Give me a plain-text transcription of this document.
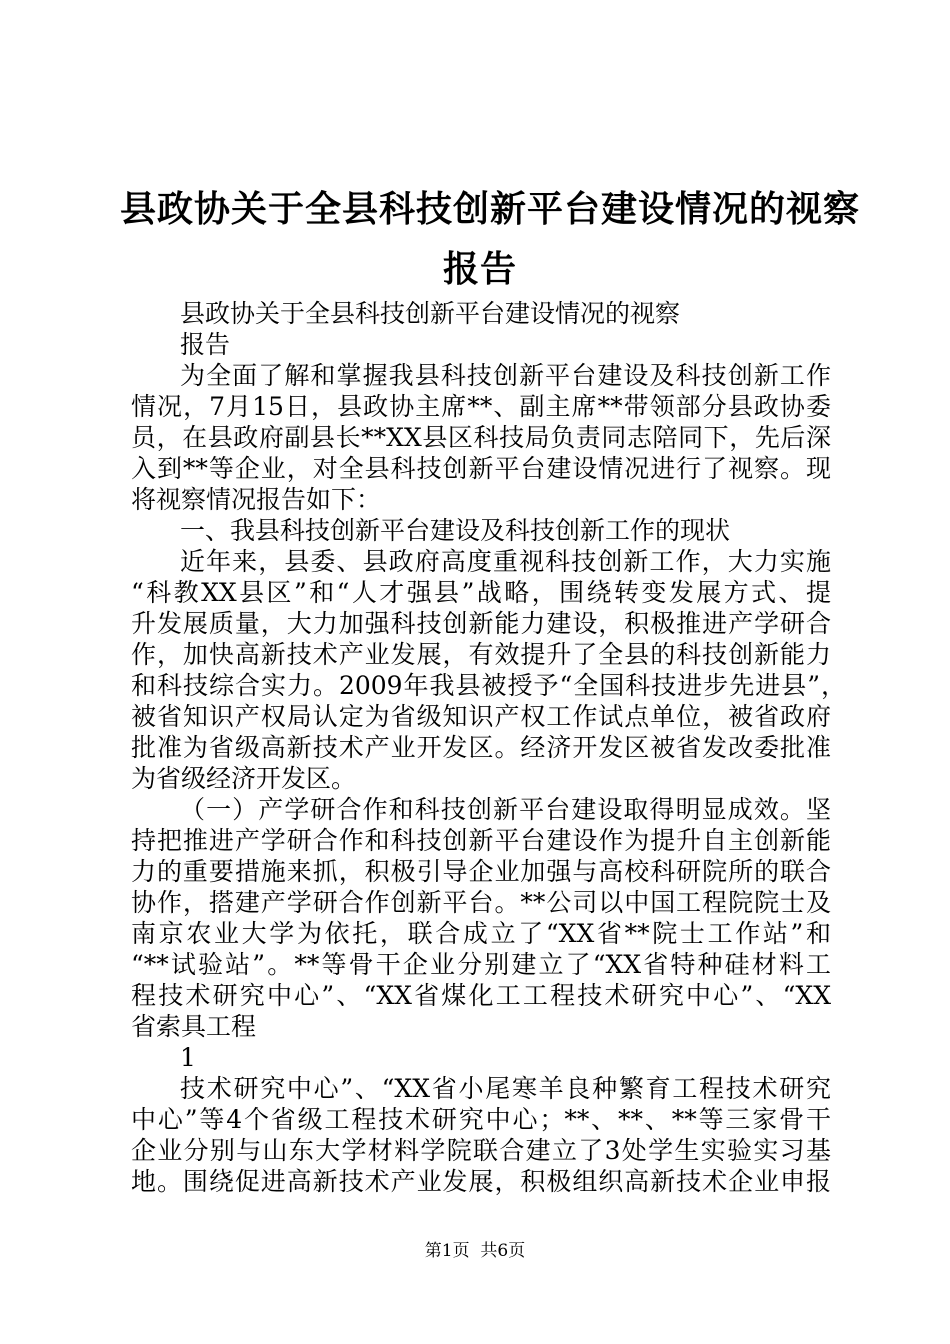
县政协关于全县科技创新平台建设情况的视察
报告
县政协关于全县科技创新平台建设情况的视察
报告
为全面了解和掌握我县科技创新平台建设及科技创新工作
情况，7月15日，县政协主席**、副主席**带领部分县政协委
员，在县政府副县长**XX县区科技局负责同志陪同下，先后深
入到**等企业，对全县科技创新平台建设情况进行了视察。现
将视察情况报告如下：
一、我县科技创新平台建设及科技创新工作的现状
近年来，县委、县政府高度重视科技创新工作，大力实施
“科教XX县区”和“人才强县”战略，围绕转变发展方式、提
升发展质量，大力加强科技创新能力建设，积极推进产学研合
作，加快高新技术产业发展，有效提升了全县的科技创新能力
和科技综合实力。2009年我县被授予“全国科技进步先进县”，
被省知识产权局认定为省级知识产权工作试点单位，被省政府
批准为省级高新技术产业开发区。经济开发区被省发改委批准
为省级经济开发区。
（一）产学研合作和科技创新平台建设取得明显成效。坚
持把推进产学研合作和科技创新平台建设作为提升自主创新能
力的重要措施来抓，积极引导企业加强与高校科研院所的联合
协作，搭建产学研合作创新平台。**公司以中国工程院院士及
南京农业大学为依托，联合成立了“XX省**院士工作站”和
“**试验站”。**等骨干企业分别建立了“XX省特种硅材料工
程技术研究中心”、“XX省煤化工工程技术研究中心”、“XX
省索具工程
1
技术研究中心”、“XX省小尾寒羊良种繁育工程技术研究
中心”等4个省级工程技术研究中心；**、**、**等三家骨干
企业分别与山东大学材料学院联合建立了3处学生实验实习基
地。围绕促进高新技术产业发展，积极组织高新技术企业申报
第1页  共6页
